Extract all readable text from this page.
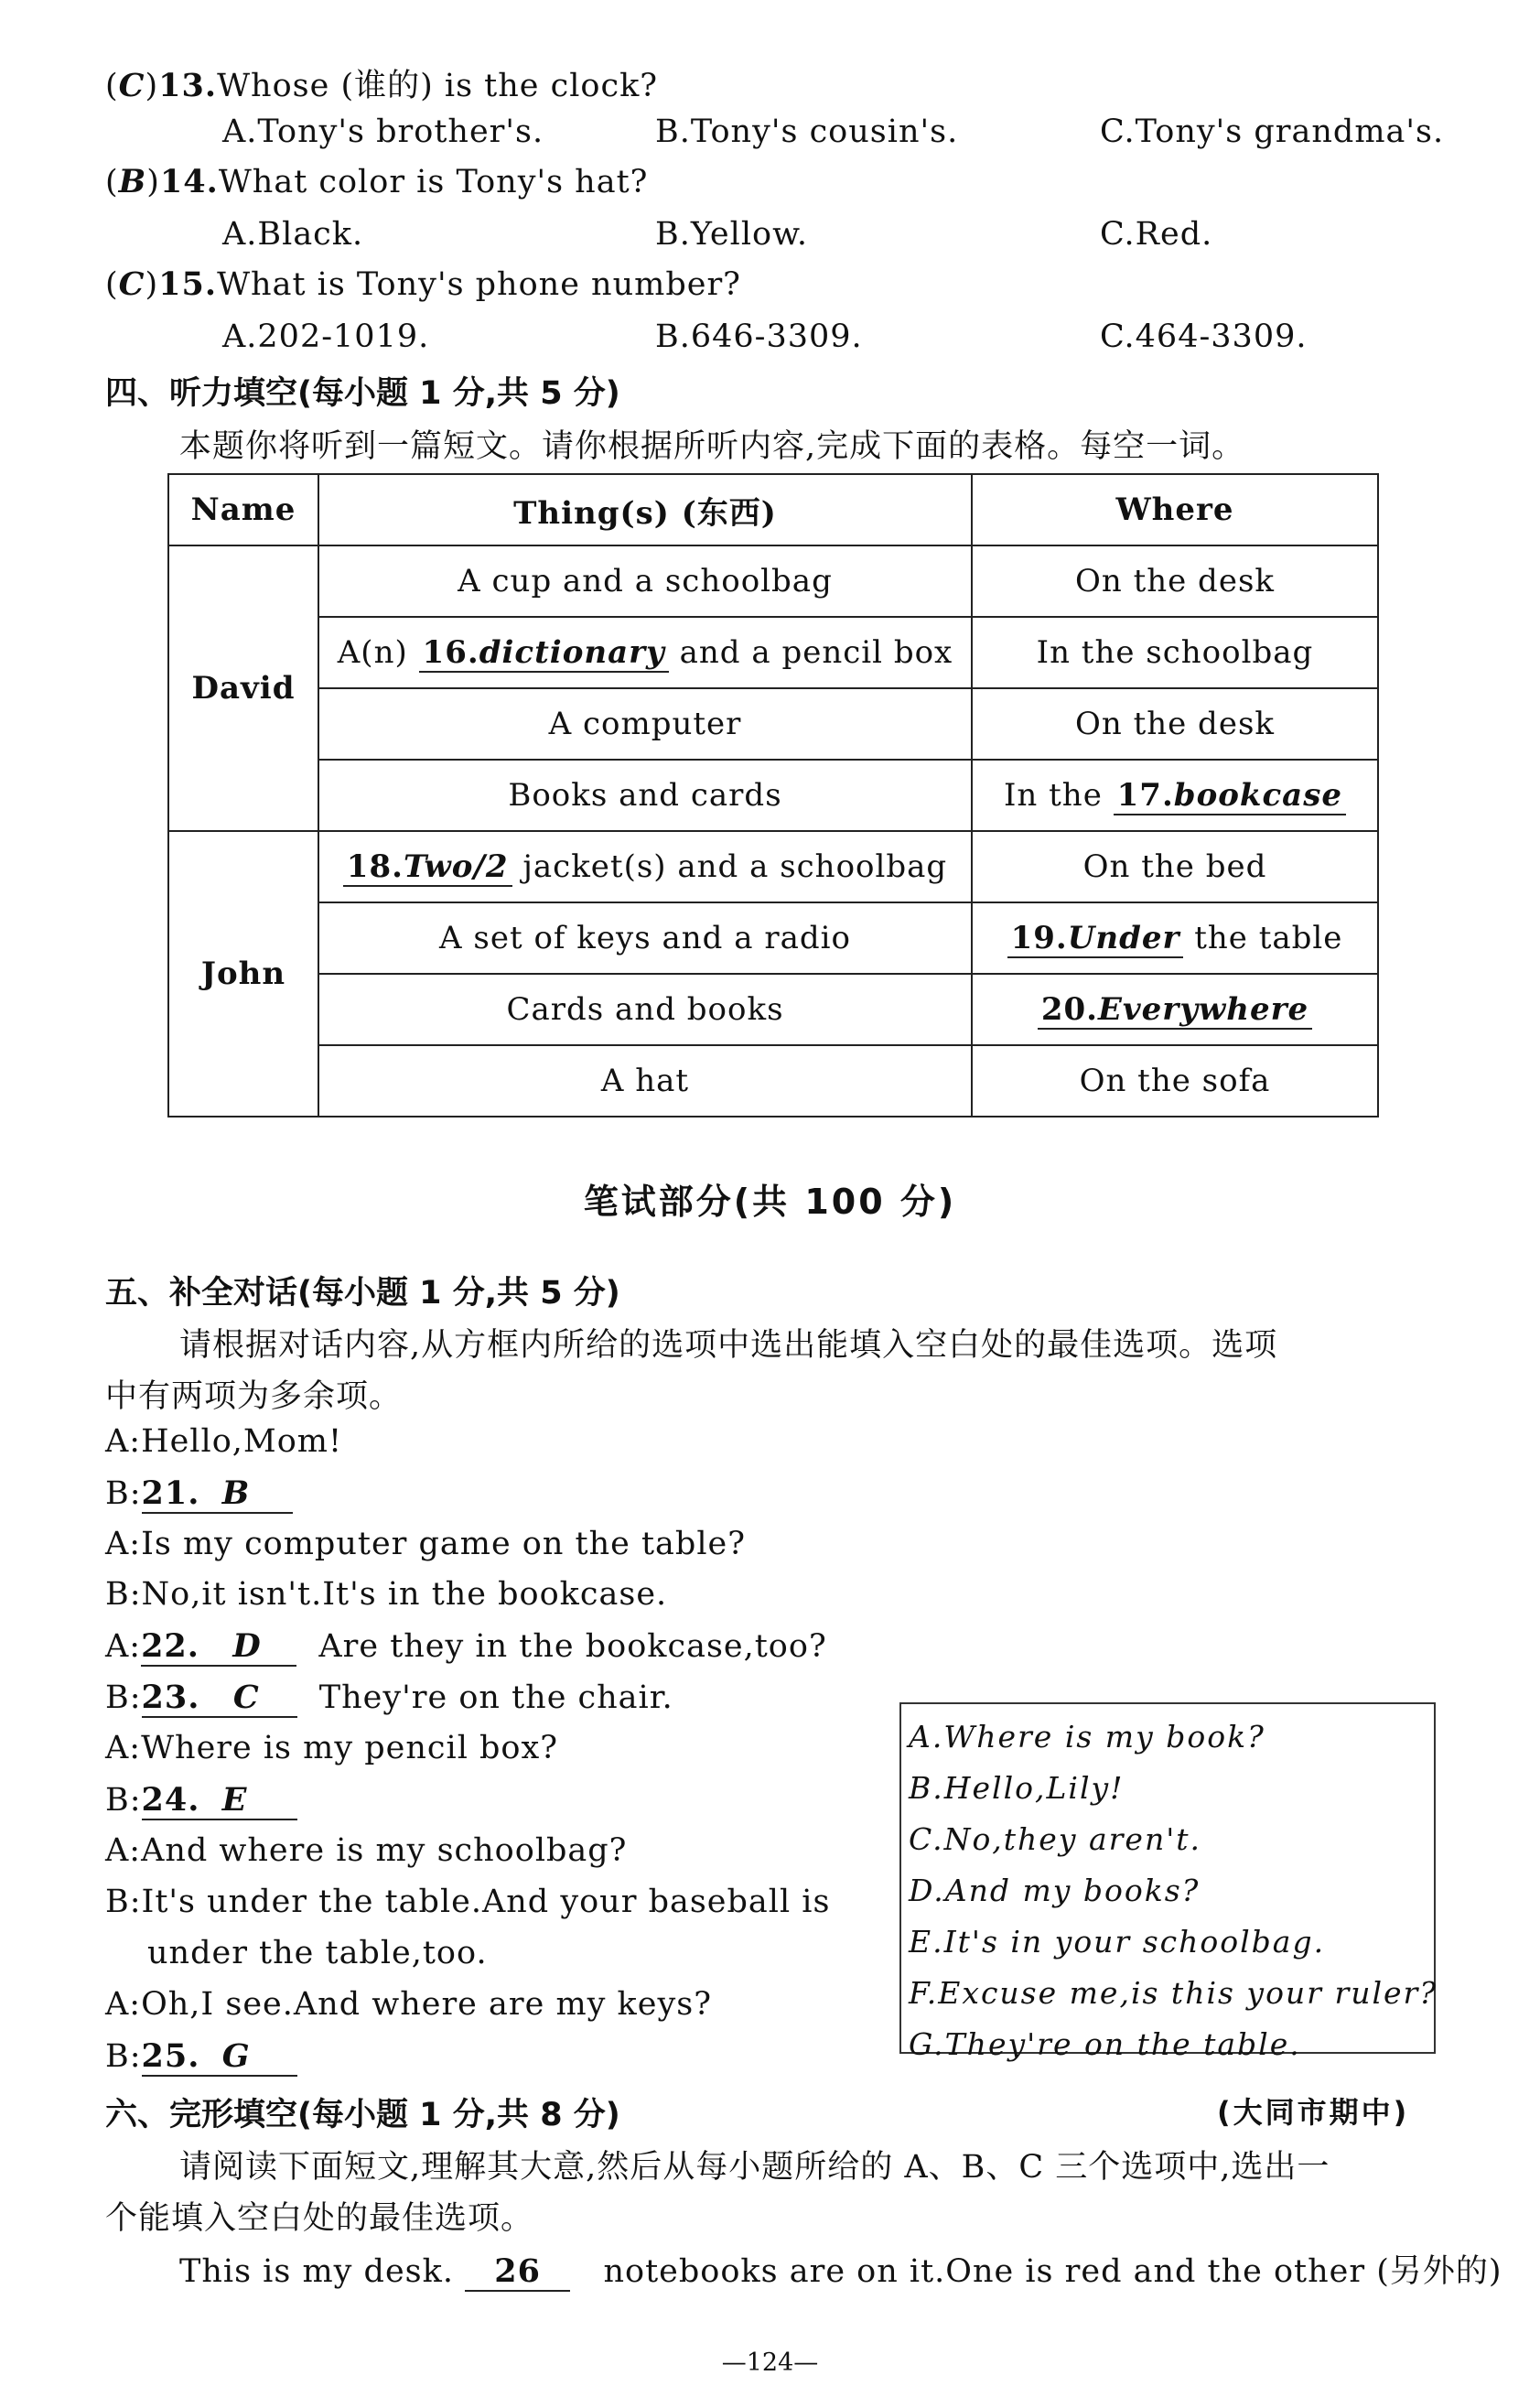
(C)13.Whose (谁的) is the clock?
A.Tony's brother's.	B.Tony's cousin's.	C.Tony's grandma's.
(B)14.What color is Tony's hat?
A.Black.	B.Yellow.	C.Red.
(C)15.What is Tony's phone number?
A.202-1019.	B.646-3309.	C.464-3309.
四、听力填空(每小题 1 分,共 5 分)
本题你将听到一篇短文。请你根据所听内容,完成下面的表格。每空一词。
Name	Thing(s) (东西)	Where
David	A cup and a schoolbag	On the desk
	A(n) 16.dictionary and a pencil box	In the schoolbag
	A computer	On the desk
	Books and cards	In the 17.bookcase
John	18.Two/2 jacket(s) and a schoolbag	On the bed
	A set of keys and a radio	19.Under the table
	Cards and books	20.Everywhere
	A hat	On the sofa
笔试部分(共 100 分)
五、补全对话(每小题 1 分,共 5 分)
请根据对话内容,从方框内所给的选项中选出能填入空白处的最佳选项。选项
中有两项为多余项。
A:Hello,Mom!
B:21. B
A:Is my computer game on the table?
B:No,it isn't.It's in the bookcase.
A:22. D Are they in the bookcase,too?
B:23. C They're on the chair.
A:Where is my pencil box?
B:24. E
A:And where is my schoolbag?
B:It's under the table.And your baseball is
under the table,too.
A:Oh,I see.And where are my keys?
B:25. G
A.Where is my book?
B.Hello,Lily!
C.No,they aren't.
D.And my books?
E.It's in your schoolbag.
F.Excuse me,is this your ruler?
G.They're on the table.
六、完形填空(每小题 1 分,共 8 分)	(大同市期中)
请阅读下面短文,理解其大意,然后从每小题所给的 A、B、C 三个选项中,选出一
个能填入空白处的最佳选项。
This is my desk. 26 notebooks are on it.One is red and the other (另外的)
—124—
